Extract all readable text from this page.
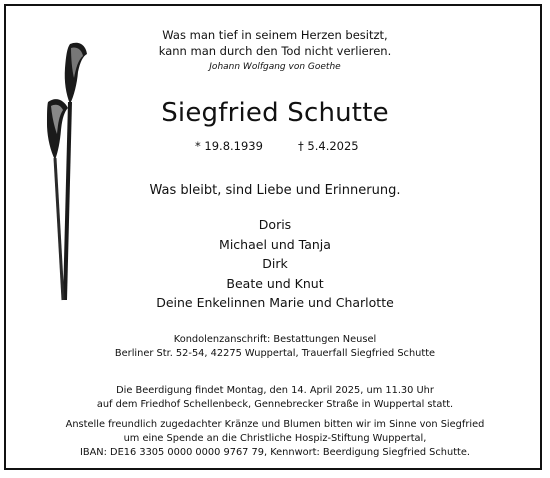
Was man tief in seinem Herzen besitzt,
kann man durch den Tod nicht verlieren.
Johann Wolfgang von Goethe
Siegfried Schutte
* 19.8.1939	† 5.4.2025
Was bleibt, sind Liebe und Erinnerung.
Doris
Michael und Tanja
Dirk
Beate und Knut
Deine Enkelinnen Marie und Charlotte
Kondolenzanschrift: Bestattungen Neusel
Berliner Str. 52-54, 42275 Wuppertal, Trauerfall Siegfried Schutte
Die Beerdigung findet Montag, den 14. April 2025, um 11.30 Uhr
auf dem Friedhof Schellenbeck, Gennebrecker Straße in Wuppertal statt.
Anstelle freundlich zugedachter Kränze und Blumen bitten wir im Sinne von Siegfried
um eine Spende an die Christliche Hospiz-Stiftung Wuppertal,
IBAN: DE16 3305 0000 0000 9767 79, Kennwort: Beerdigung Siegfried Schutte.
